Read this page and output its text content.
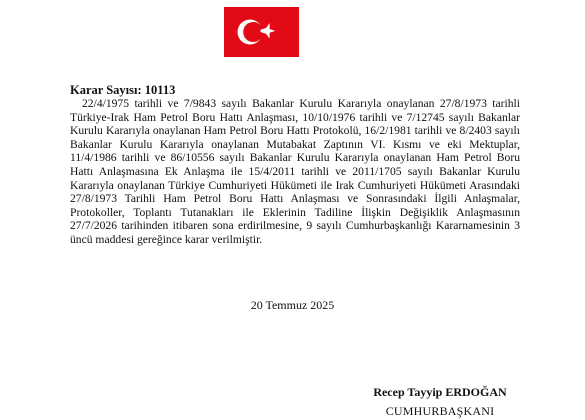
Karar Sayısı: 10113

22/4/1975 tarihli ve 7/9843 sayılı Bakanlar Kurulu Kararıyla onaylanan 27/8/1973 tarihli Türkiye-Irak Ham Petrol Boru Hattı Anlaşması, 10/10/1976 tarihli ve 7/12745 sayılı Bakanlar Kurulu Kararıyla onaylanan Ham Petrol Boru Hattı Protokolü, 16/2/1981 tarihli ve 8/2403 sayılı Bakanlar Kurulu Kararıyla onaylanan Mutabakat Zaptının VI. Kısmı ve eki Mektuplar, 11/4/1986 tarihli ve 86/10556 sayılı Bakanlar Kurulu Kararıyla onaylanan Ham Petrol Boru Hattı Anlaşmasına Ek Anlaşma ile 15/4/2011 tarihli ve 2011/1705 sayılı Bakanlar Kurulu Kararıyla onaylanan Türkiye Cumhuriyeti Hükümeti ile Irak Cumhuriyeti Hükümeti Arasındaki 27/8/1973 Tarihli Ham Petrol Boru Hattı Anlaşması ve Sonrasındaki İlgili Anlaşmalar, Protokoller, Toplantı Tutanakları ile Eklerinin Tadiline İlişkin Değişiklik Anlaşmasının 27/7/2026 tarihinden itibaren sona erdirilmesine, 9 sayılı Cumhurbaşkanlığı Kararnamesinin 3 üncü maddesi gereğince karar verilmiştir.

20 Temmuz 2025
Recep Tayyip ERDOĞAN
CUMHURBAŞKANI
